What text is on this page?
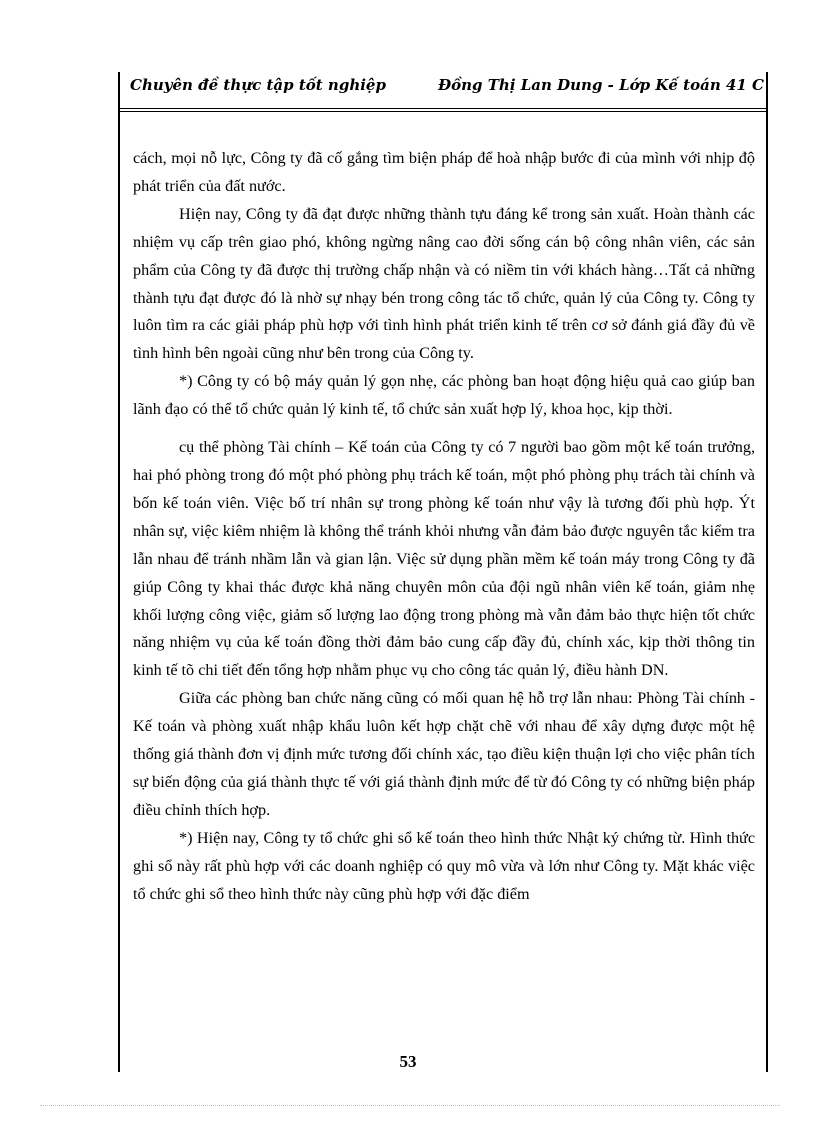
Chuyên đề thực tập tốt nghiệp	Đồng Thị Lan Dung - Lớp Kế toán 41 C

cách, mọi nỗ lực, Công ty đã cố gắng tìm biện pháp để hoà nhập bước đi của mình với nhịp độ phát triển của đất nước.

Hiện nay, Công ty đã đạt được những thành tựu đáng kể trong sản xuất. Hoàn thành các nhiệm vụ cấp trên giao phó, không ngừng nâng cao đời sống cán bộ công nhân viên, các sản phẩm của Công ty đã được thị trường chấp nhận và có niềm tin với khách hàng…Tất cả những thành tựu đạt được đó là nhờ sự nhạy bén trong công tác tổ chức, quản lý của Công ty. Công ty luôn tìm ra các giải pháp phù hợp với tình hình phát triển kinh tế trên cơ sở đánh giá đầy đủ về tình hình bên ngoài cũng như bên trong của Công ty.

*) Công ty có bộ máy quản lý gọn nhẹ, các phòng ban hoạt động hiệu quả cao giúp ban lãnh đạo có thể tổ chức quản lý kinh tế, tổ chức sản xuất hợp lý, khoa học, kịp thời.

cụ thể phòng Tài chính – Kế toán của Công ty có 7 người bao gồm một kế toán trưởng, hai phó phòng trong đó một phó phòng phụ trách kế toán, một phó phòng phụ trách tài chính và bốn kế toán viên. Việc bố trí nhân sự trong phòng kế toán như vậy là tương đối phù hợp. Ýt nhân sự, việc kiêm nhiệm là không thể tránh khỏi nhưng vẫn đảm bảo được nguyên tắc kiểm tra lẫn nhau để tránh nhầm lẫn và gian lận. Việc sử dụng phần mềm kế toán máy trong Công ty đã giúp Công ty khai thác được khả năng chuyên môn của đội ngũ nhân viên kế toán, giảm nhẹ khối lượng công việc, giảm số lượng lao động trong phòng mà vẫn đảm bảo thực hiện tốt chức năng nhiệm vụ của kế toán đồng thời đảm bảo cung cấp đầy đủ, chính xác, kịp thời thông tin kinh tế tõ chi tiết đến tổng hợp nhằm phục vụ cho công tác quản lý, điều hành DN.

Giữa các phòng ban chức năng cũng có mối quan hệ hỗ trợ lẫn nhau: Phòng Tài chính - Kế toán và phòng xuất nhập khẩu luôn kết hợp chặt chẽ với nhau để xây dựng được một hệ thống giá thành đơn vị định mức tương đối chính xác, tạo điều kiện thuận lợi cho việc phân tích sự biến động của giá thành thực tế với giá thành định mức để từ đó Công ty có những biện pháp điều chỉnh thích hợp.

*) Hiện nay, Công ty tổ chức ghi sổ kế toán theo hình thức Nhật ký chứng từ. Hình thức ghi sổ này rất phù hợp với các doanh nghiệp có quy mô vừa và lớn như Công ty. Mặt khác việc tổ chức ghi sổ theo hình thức này cũng phù hợp với đặc điểm

53
